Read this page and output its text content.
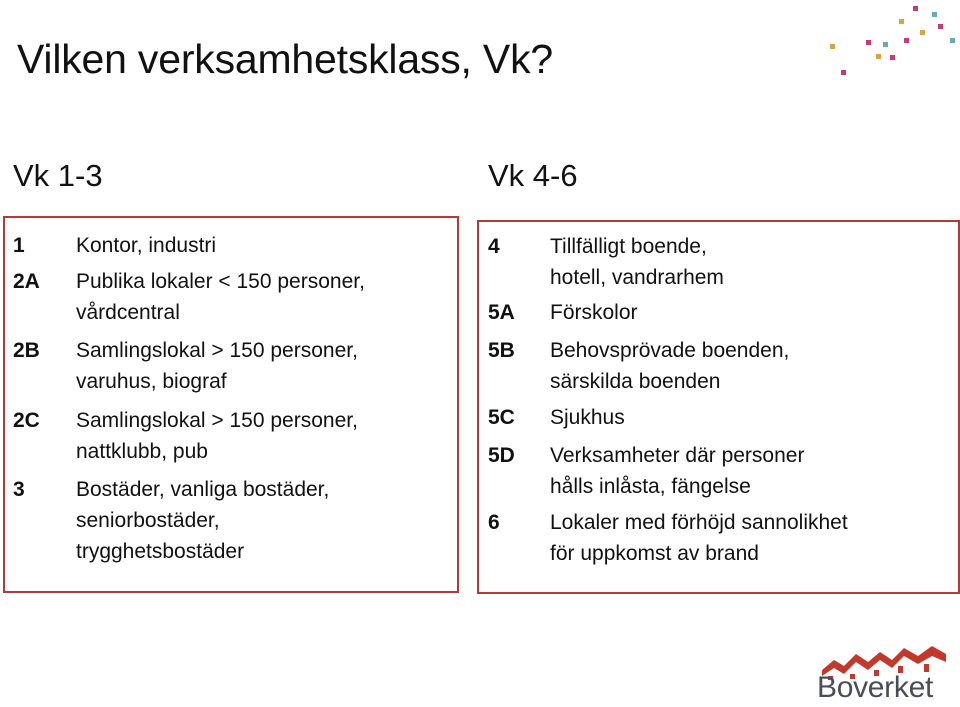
Vilken verksamhetsklass, Vk?
Vk 1-3	Vk 4-6
1 Kontor, industri
2A Publika lokaler < 150 personer,
vårdcentral
2B Samlingslokal > 150 personer,
varuhus, biograf
2C Samlingslokal > 150 personer,
nattklubb, pub
3 Bostäder, vanliga bostäder,
seniorbostäder,
trygghetsbostäder
4 Tillfälligt boende,
hotell, vandrarhem
5A Förskolor
5B Behovsprövade boenden,
särskilda boenden
5C Sjukhus
5D Verksamheter där personer
hålls inlåsta, fängelse
6 Lokaler med förhöjd sannolikhet
för uppkomst av brand
Boverket
